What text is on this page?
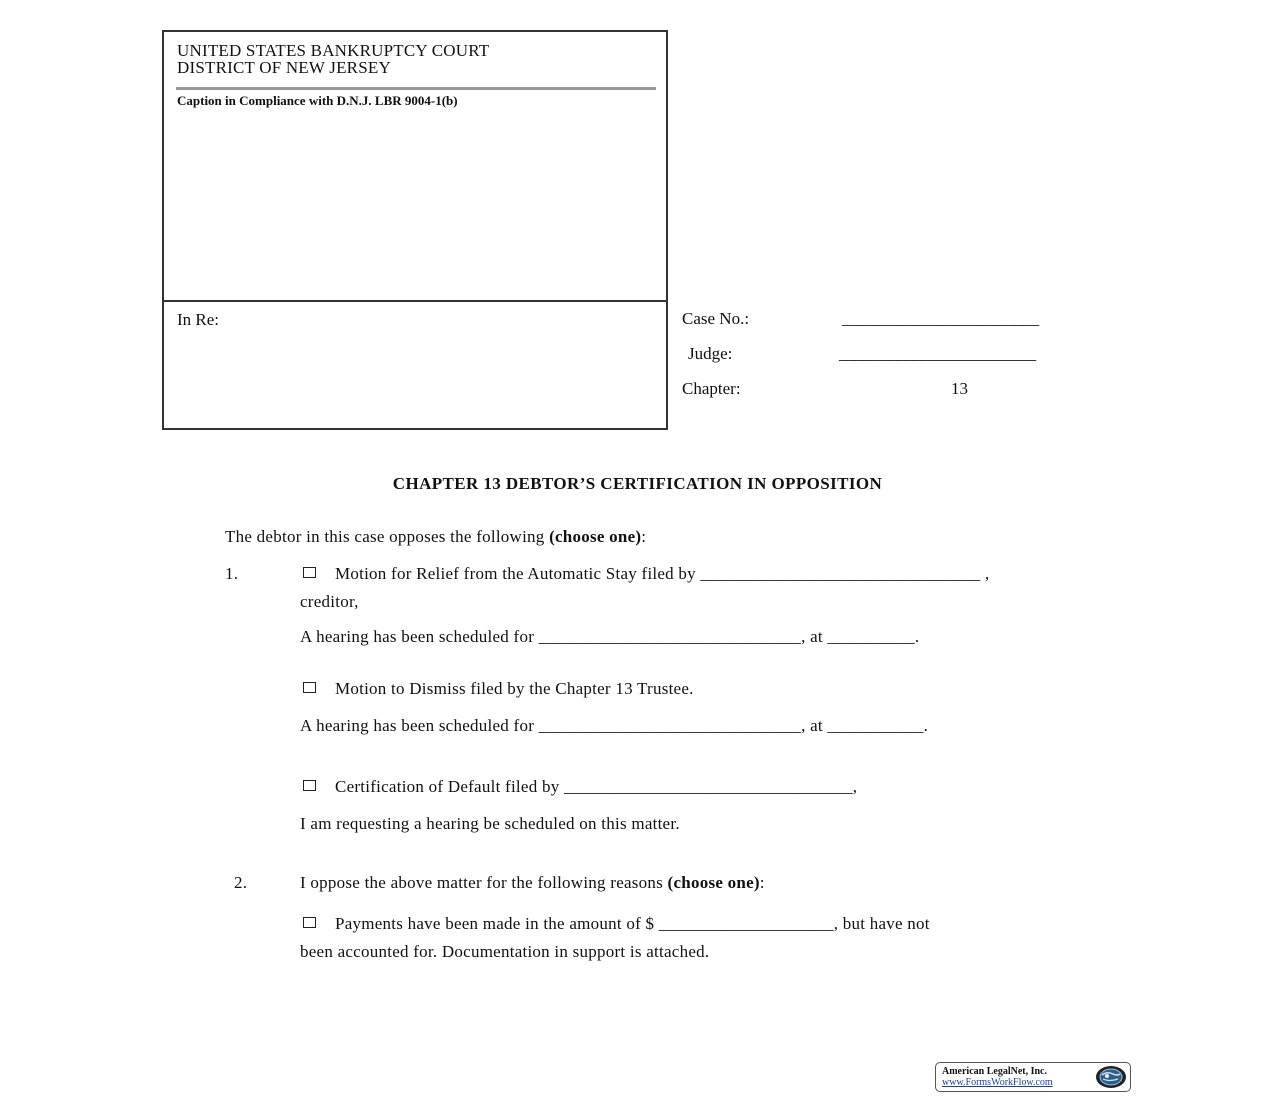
UNITED STATES BANKRUPTCY COURT
DISTRICT OF NEW JERSEY
Caption in Compliance with D.N.J. LBR 9004-1(b)
In Re:	Case No.:	________________________
Judge:	________________________
Chapter:	13
CHAPTER 13 DEBTOR’S CERTIFICATION IN OPPOSITION
The debtor in this case opposes the following (choose one):
1.	Motion for Relief from the Automatic Stay filed by ________________________________ ,
creditor,
A hearing has been scheduled for ______________________________, at __________.
Motion to Dismiss filed by the Chapter 13 Trustee.
A hearing has been scheduled for ______________________________, at ___________.
Certification of Default filed by _________________________________,
I am requesting a hearing be scheduled on this matter.
2.	I oppose the above matter for the following reasons (choose one):
Payments have been made in the amount of $ ____________________, but have not
been accounted for. Documentation in support is attached.
American LegalNet, Inc.
www.FormsWorkFlow.com
